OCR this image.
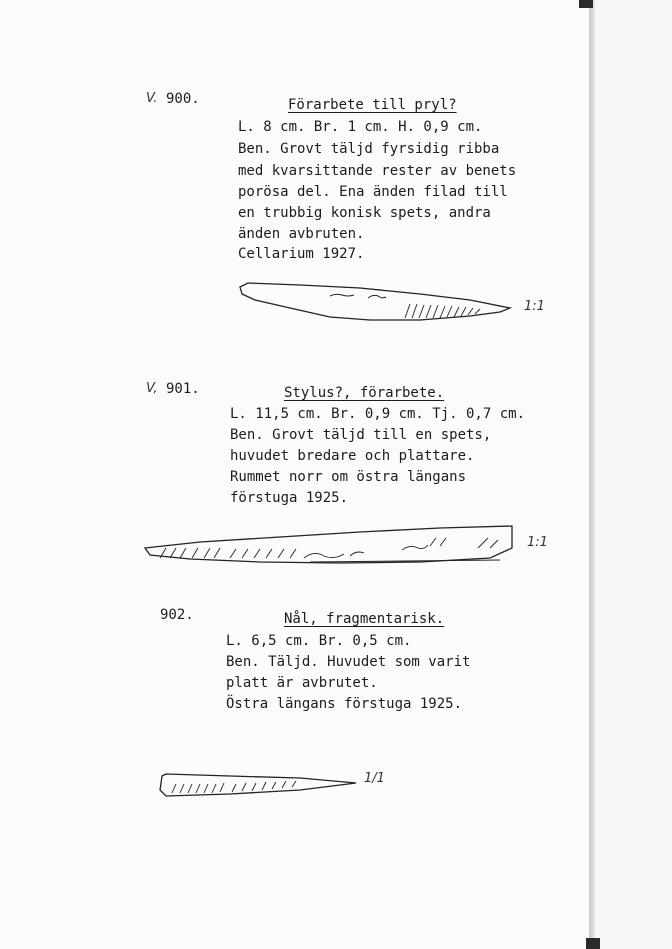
V. 900.	Förarbete till pryl?
L. 8 cm. Br. 1 cm. H. 0,9 cm.
Ben. Grovt täljd fyrsidig ribba
med kvarsittande rester av benets
porösa del. Ena änden filad till
en trubbig konisk spets, andra
änden avbruten.
Cellarium 1927.
1:1
V, 901.	Stylus?, förarbete.
L. 11,5 cm. Br. 0,9 cm. Tj. 0,7 cm.
Ben. Grovt täljd till en spets,
huvudet bredare och plattare.
Rummet norr om östra längans
förstuga 1925.
1:1
902.	Nål, fragmentarisk.
L. 6,5 cm. Br. 0,5 cm.
Ben. Täljd. Huvudet som varit
platt är avbrutet.
Östra längans förstuga 1925.
1/1
